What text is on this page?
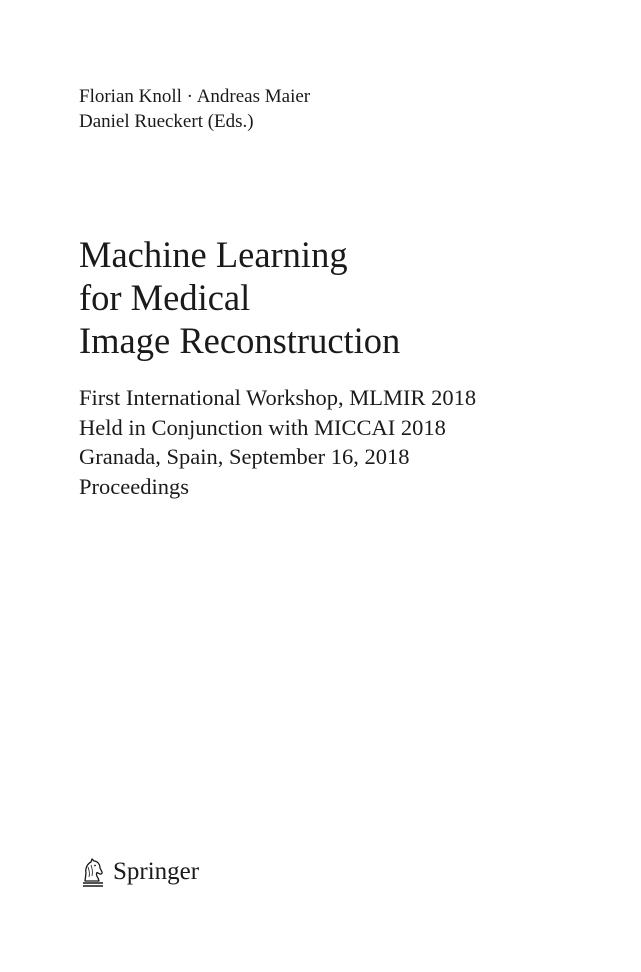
Florian Knoll · Andreas Maier
Daniel Rueckert (Eds.)
Machine Learning
for Medical
Image Reconstruction
First International Workshop, MLMIR 2018
Held in Conjunction with MICCAI 2018
Granada, Spain, September 16, 2018
Proceedings
Springer
